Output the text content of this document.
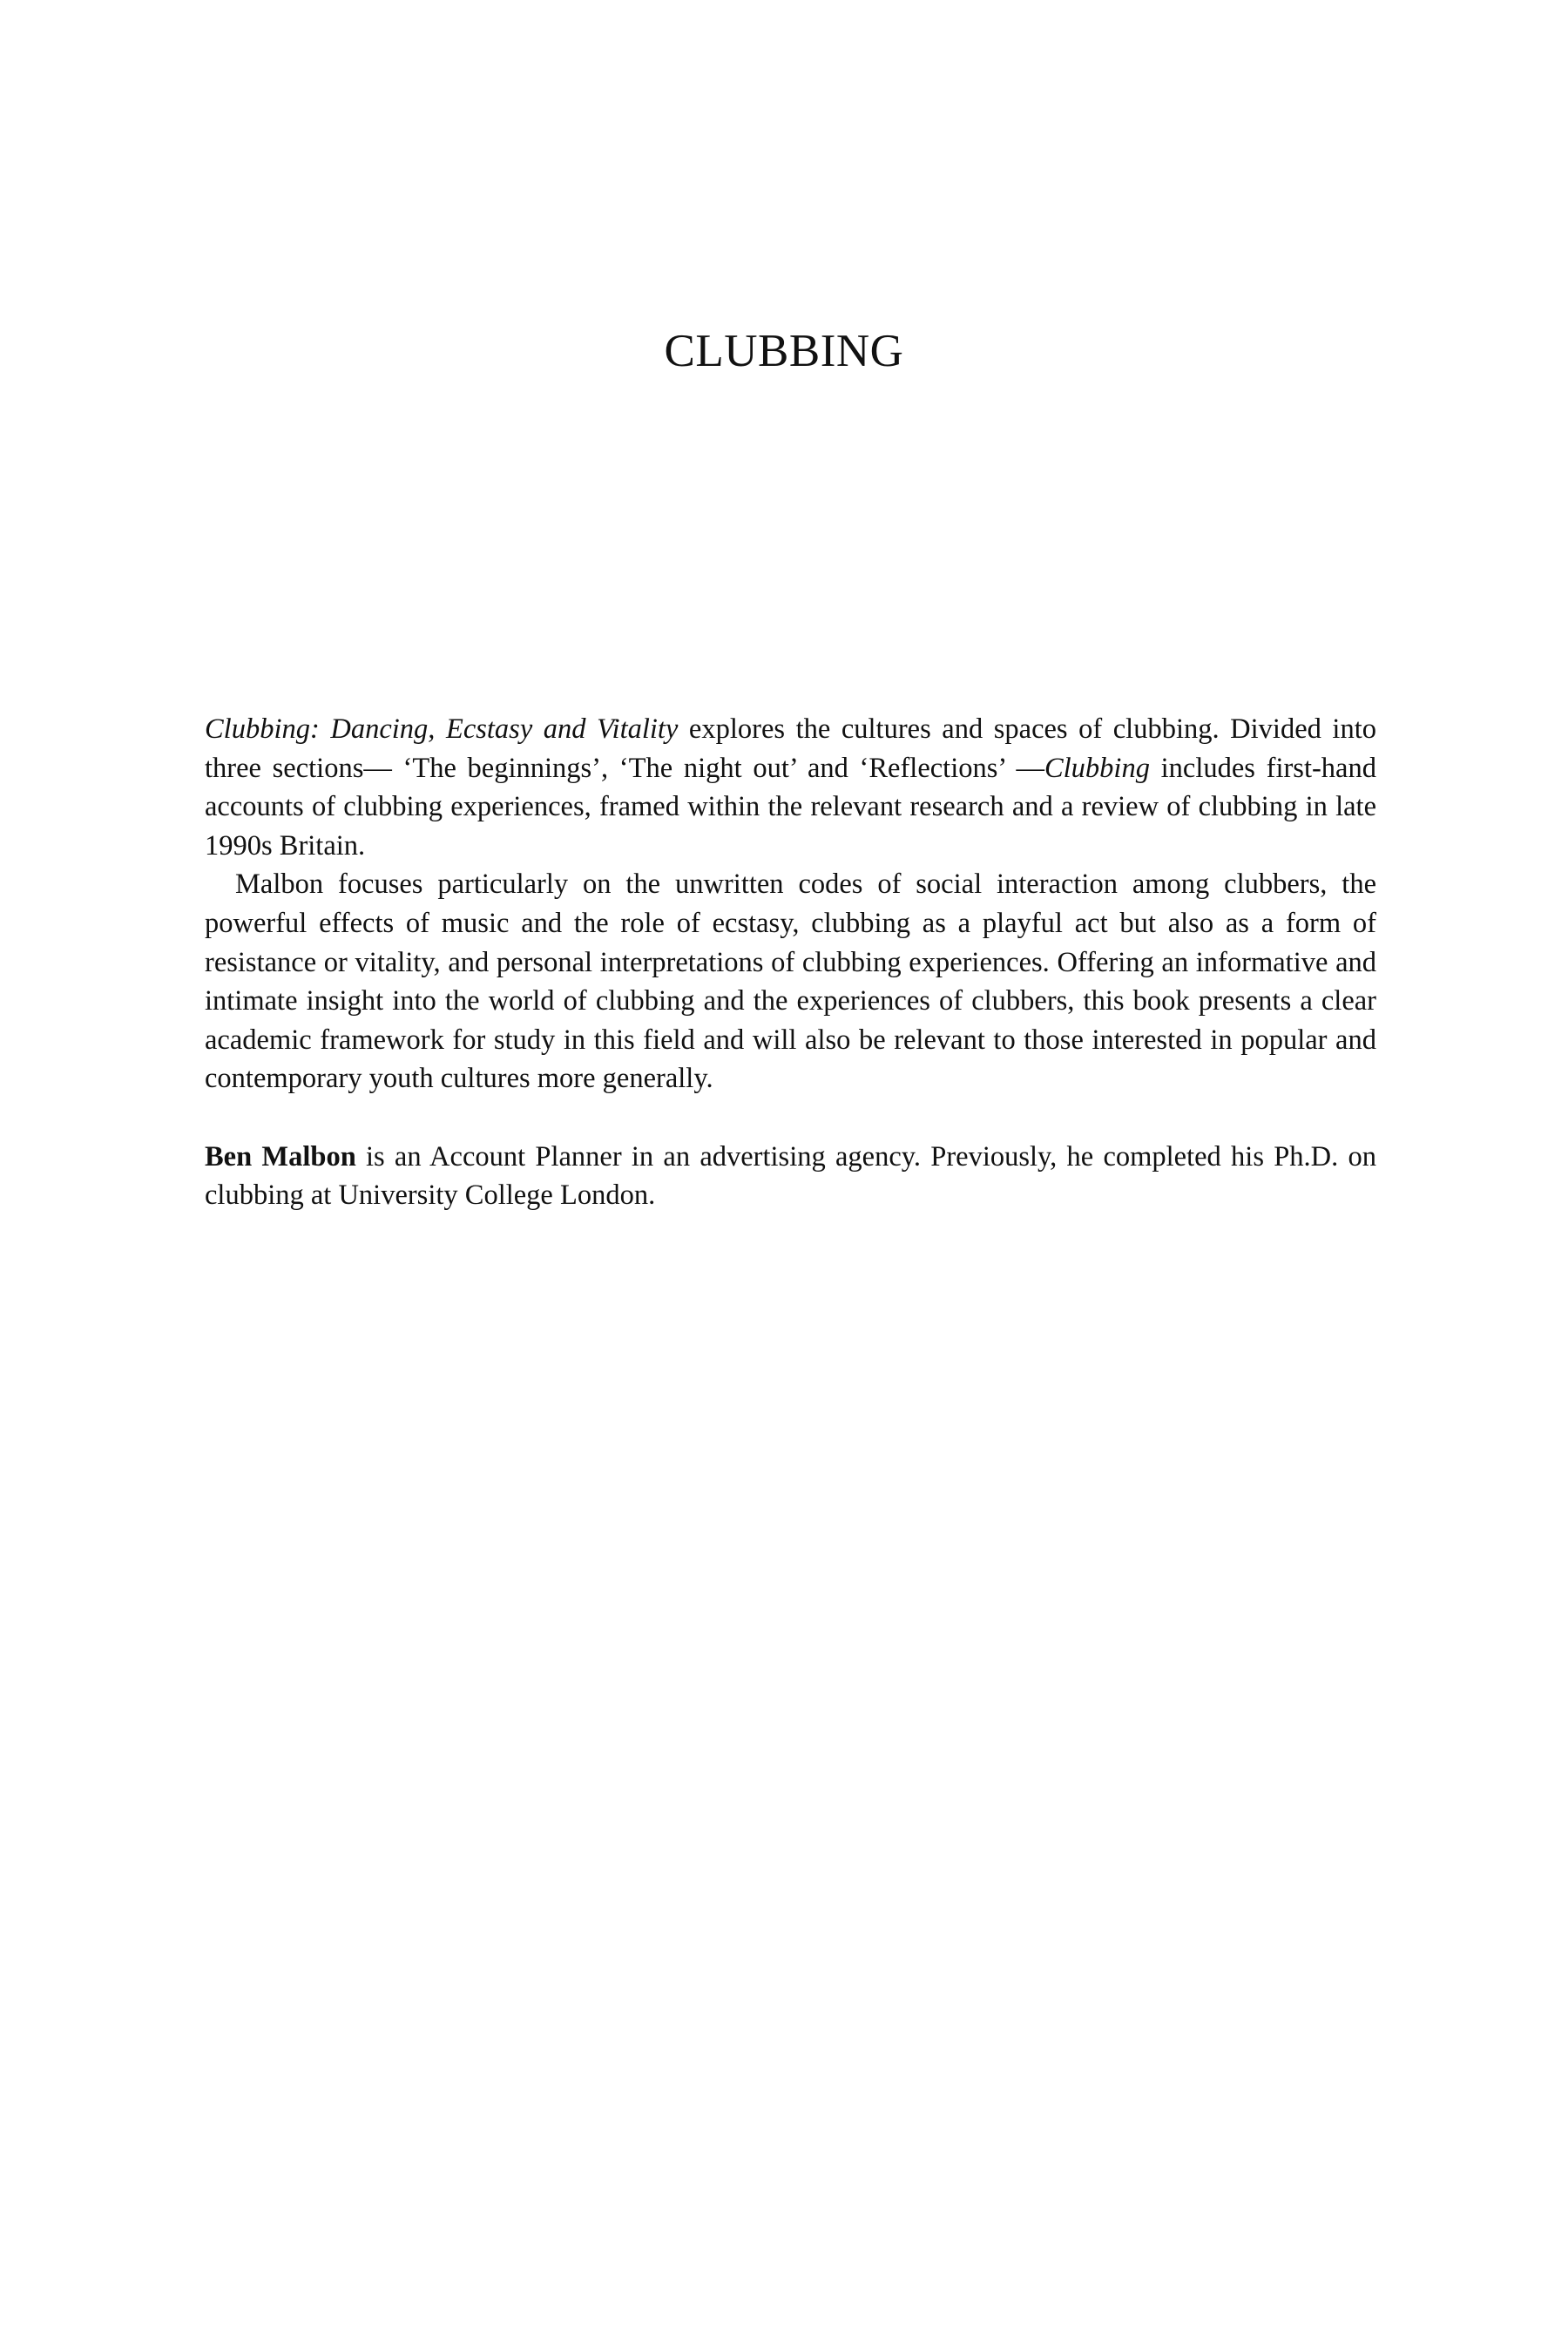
CLUBBING

Clubbing: Dancing, Ecstasy and Vitality explores the cultures and spaces of clubbing. Divided into three sections— ‘The beginnings’, ‘The night out’ and ‘Reflections’ —Clubbing includes first-hand accounts of clubbing experiences, framed within the relevant research and a review of clubbing in late 1990s Britain.

Malbon focuses particularly on the unwritten codes of social interaction among clubbers, the powerful effects of music and the role of ecstasy, clubbing as a playful act but also as a form of resistance or vitality, and personal interpretations of clubbing experiences. Offering an informative and intimate insight into the world of clubbing and the experiences of clubbers, this book presents a clear academic framework for study in this field and will also be relevant to those interested in popular and contemporary youth cultures more generally.

Ben Malbon is an Account Planner in an advertising agency. Previously, he completed his Ph.D. on clubbing at University College London.
